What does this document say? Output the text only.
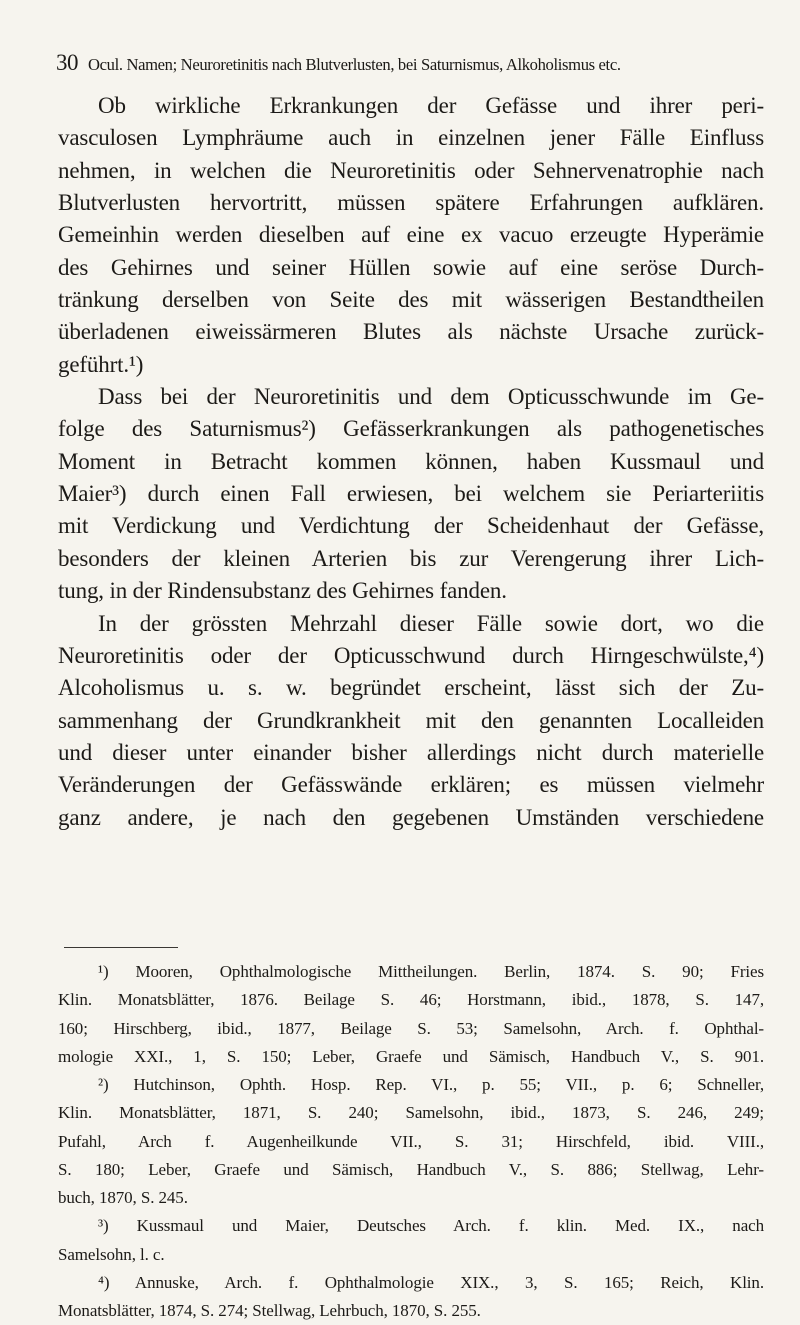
30 Ocul. Namen; Neuroretinitis nach Blutverlusten, bei Saturnismus, Alkoholismus etc.
Ob wirkliche Erkrankungen der Gefässe und ihrer peri-
vasculosen Lymphräume auch in einzelnen jener Fälle Einfluss
nehmen, in welchen die Neuroretinitis oder Sehnervenatrophie nach
Blutverlusten hervortritt, müssen spätere Erfahrungen aufklären.
Gemeinhin werden dieselben auf eine ex vacuo erzeugte Hyperämie
des Gehirnes und seiner Hüllen sowie auf eine seröse Durch-
tränkung derselben von Seite des mit wässerigen Bestandtheilen
überladenen eiweissärmeren Blutes als nächste Ursache zurück-
geführt.¹)
Dass bei der Neuroretinitis und dem Opticusschwunde im Ge-
folge des Saturnismus²) Gefässerkrankungen als pathogenetisches
Moment in Betracht kommen können, haben Kussmaul und
Maier³) durch einen Fall erwiesen, bei welchem sie Periarteriitis
mit Verdickung und Verdichtung der Scheidenhaut der Gefässe,
besonders der kleinen Arterien bis zur Verengerung ihrer Lich-
tung, in der Rindensubstanz des Gehirnes fanden.
In der grössten Mehrzahl dieser Fälle sowie dort, wo die
Neuroretinitis oder der Opticusschwund durch Hirngeschwülste,⁴)
Alcoholismus u. s. w. begründet erscheint, lässt sich der Zu-
sammenhang der Grundkrankheit mit den genannten Localleiden
und dieser unter einander bisher allerdings nicht durch materielle
Veränderungen der Gefässwände erklären; es müssen vielmehr
ganz andere, je nach den gegebenen Umständen verschiedene
¹) Mooren, Ophthalmologische Mittheilungen. Berlin, 1874. S. 90; Fries
Klin. Monatsblätter, 1876. Beilage S. 46; Horstmann, ibid., 1878, S. 147,
160; Hirschberg, ibid., 1877, Beilage S. 53; Samelsohn, Arch. f. Ophthal-
mologie XXI., 1, S. 150; Leber, Graefe und Sämisch, Handbuch V., S. 901.
²) Hutchinson, Ophth. Hosp. Rep. VI., p. 55; VII., p. 6; Schneller,
Klin. Monatsblätter, 1871, S. 240; Samelsohn, ibid., 1873, S. 246, 249;
Pufahl, Arch f. Augenheilkunde VII., S. 31; Hirschfeld, ibid. VIII.,
S. 180; Leber, Graefe und Sämisch, Handbuch V., S. 886; Stellwag, Lehr-
buch, 1870, S. 245.
³) Kussmaul und Maier, Deutsches Arch. f. klin. Med. IX., nach
Samelsohn, l. c.
⁴) Annuske, Arch. f. Ophthalmologie XIX., 3, S. 165; Reich, Klin.
Monatsblätter, 1874, S. 274; Stellwag, Lehrbuch, 1870, S. 255.
